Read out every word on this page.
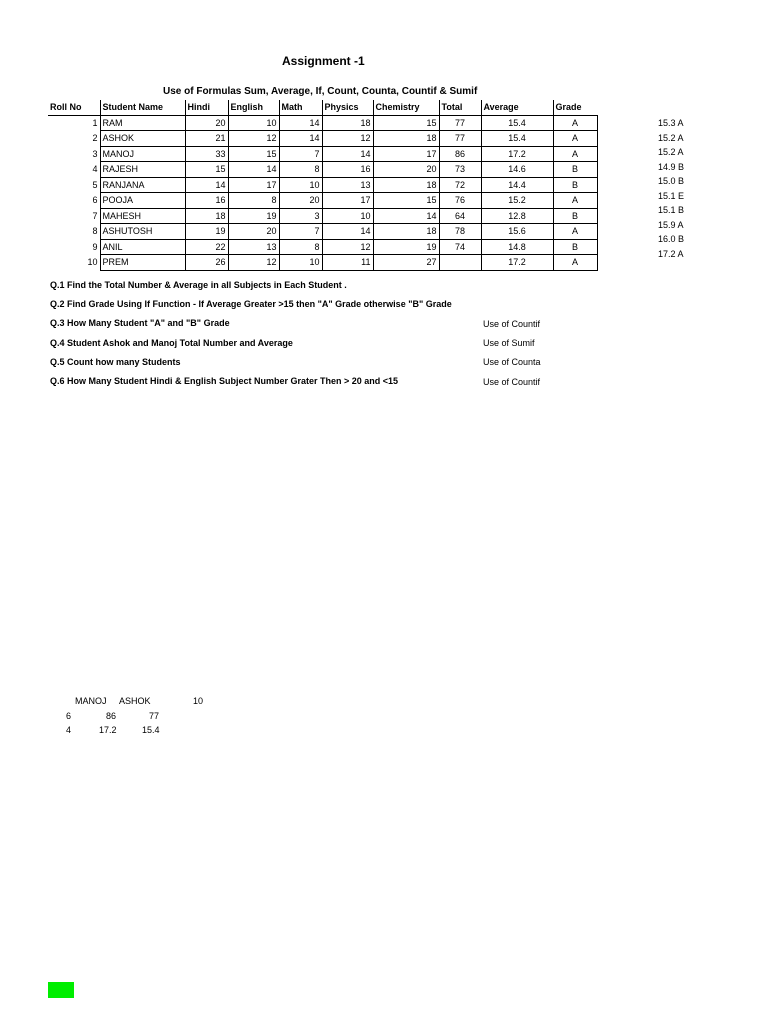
Assignment -1
Use of Formulas Sum, Average, If, Count, Counta, Countif & Sumif
Roll No	Student Name	Hindi	English	Math	Physics	Chemistry	Total	Average	Grade
1	RAM	20	10	14	18	15	77	15.4	A
2	ASHOK	21	12	14	12	18	77	15.4	A
3	MANOJ	33	15	7	14	17	86	17.2	A
4	RAJESH	15	14	8	16	20	73	14.6	B
5	RANJANA	14	17	10	13	18	72	14.4	B
6	POOJA	16	8	20	17	15	76	15.2	A
7	MAHESH	18	19	3	10	14	64	12.8	B
8	ASHUTOSH	19	20	7	14	18	78	15.6	A
9	ANIL	22	13	8	12	19	74	14.8	B
10	PREM	26	12	10	11	27		17.2	A
15.3 A
15.2 A
15.2 A
14.9 B
15.0 B
15.1 E
15.1 B
15.9 A
16.0 B
17.2 A
Q.1 Find the Total Number & Average in all Subjects in Each Student .
Q.2 Find Grade Using If Function - If Average Greater >15 then "A" Grade otherwise "B" Grade
Q.3 How Many Student "A" and "B" Grade
Q.4 Student Ashok and Manoj Total Number and Average
Q.5 Count how many Students
Q.6 How Many Student Hindi & English Subject Number Grater Then > 20 and <15
Use of Countif
Use of Sumif
Use of Counta
Use of Countif
MANOJ ASHOK	10
6	86	77
4	17.2	15.4
